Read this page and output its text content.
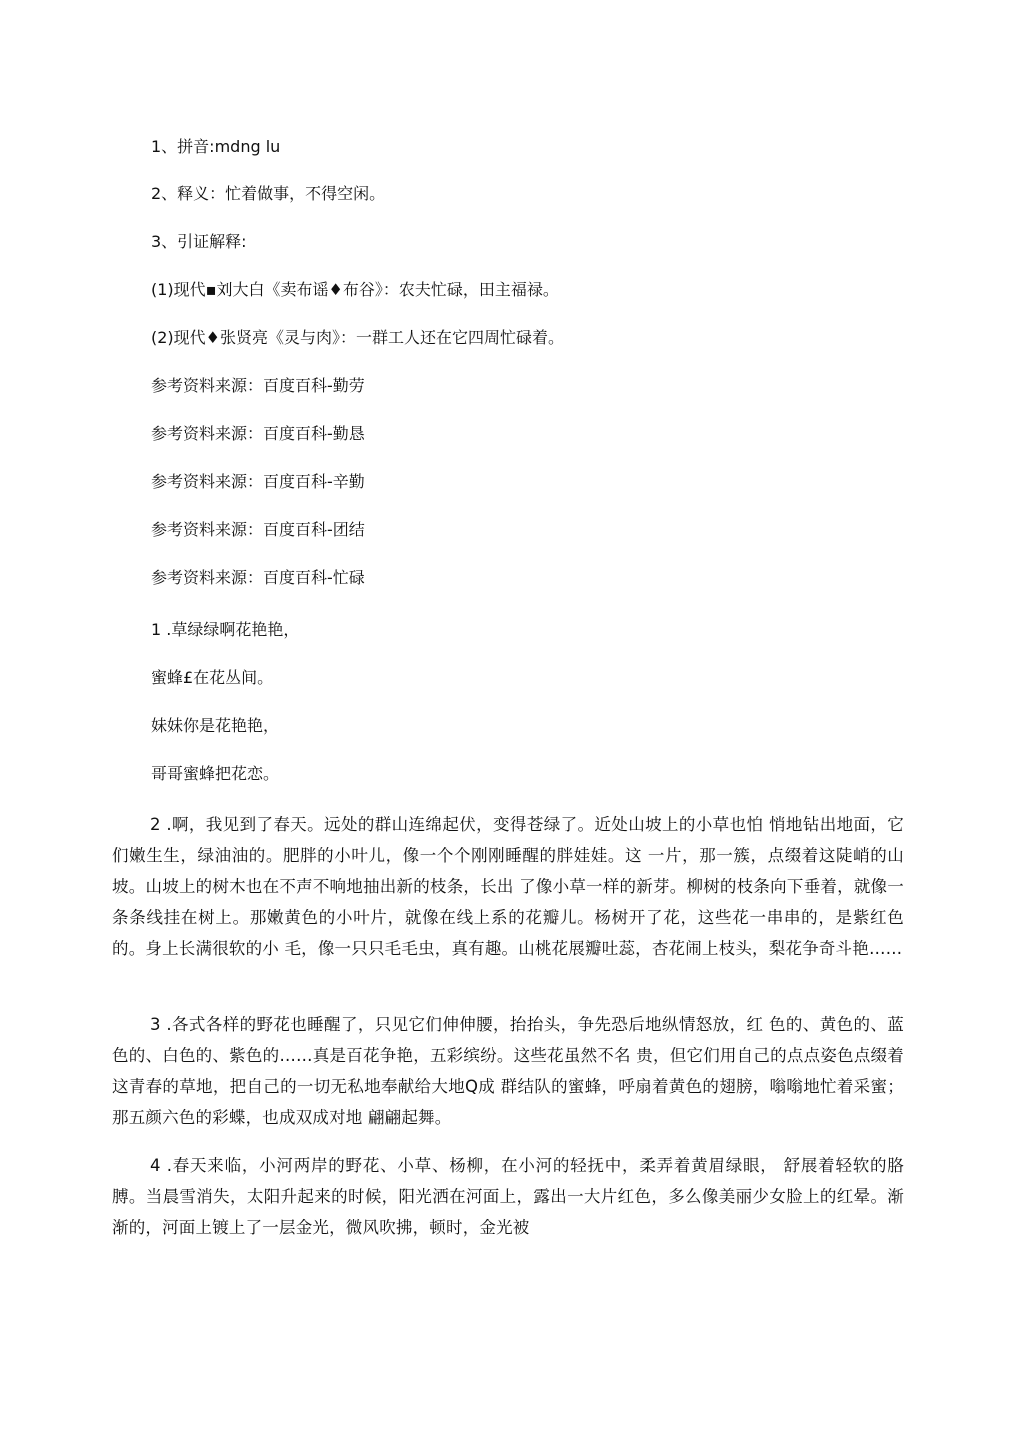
1、拼音:mdng lu
2、释义：忙着做事，不得空闲。
3、引证解释:
(1)现代▪刘大白《卖布谣♦布谷》：农夫忙碌，田主福禄。
(2)现代♦张贤亮《灵与肉》：一群工人还在它四周忙碌着。
参考资料来源：百度百科-勤劳
参考资料来源：百度百科-勤恳
参考资料来源：百度百科-辛勤
参考资料来源：百度百科-团结
参考资料来源：百度百科-忙碌
1 .草绿绿啊花艳艳，
蜜蜂£在花丛间。
妹妹你是花艳艳，
哥哥蜜蜂把花恋。
2 .啊，我见到了春天。远处的群山连绵起伏，变得苍绿了。近处山坡上的小草也怕 悄地钻出地面，它们嫩生生，绿油油的。肥胖的小叶儿，像一个个刚刚睡醒的胖娃娃。这 一片，那一簇，点缀着这陡峭的山坡。山坡上的树木也在不声不响地抽出新的枝条，长出 了像小草一样的新芽。柳树的枝条向下垂着，就像一条条线挂在树上。那嫩黄色的小叶片，就像在线上系的花瓣儿。杨树开了花，这些花一串串的，是紫红色的。身上长满很软的小 毛，像一只只毛毛虫，真有趣。山桃花展瓣吐蕊，杏花闹上枝头，梨花争奇斗艳……
3 .各式各样的野花也睡醒了，只见它们伸伸腰，抬抬头，争先恐后地纵情怒放，红 色的、黄色的、蓝色的、白色的、紫色的……真是百花争艳，五彩缤纷。这些花虽然不名 贵，但它们用自己的点点姿色点缀着这青春的草地，把自己的一切无私地奉献给大地Q成 群结队的蜜蜂，呼扇着黄色的翅膀，嗡嗡地忙着采蜜；那五颜六色的彩蝶，也成双成对地 翩翩起舞。
4 .春天来临，小河两岸的野花、小草、杨柳，在小河的轻抚中，柔弄着黄眉绿眼， 舒展着轻软的胳膊。当晨雪消失，太阳升起来的时候，阳光洒在河面上，露出一大片红色，多么像美丽少女脸上的红晕。渐渐的，河面上镀上了一层金光，微风吹拂，顿时，金光被
